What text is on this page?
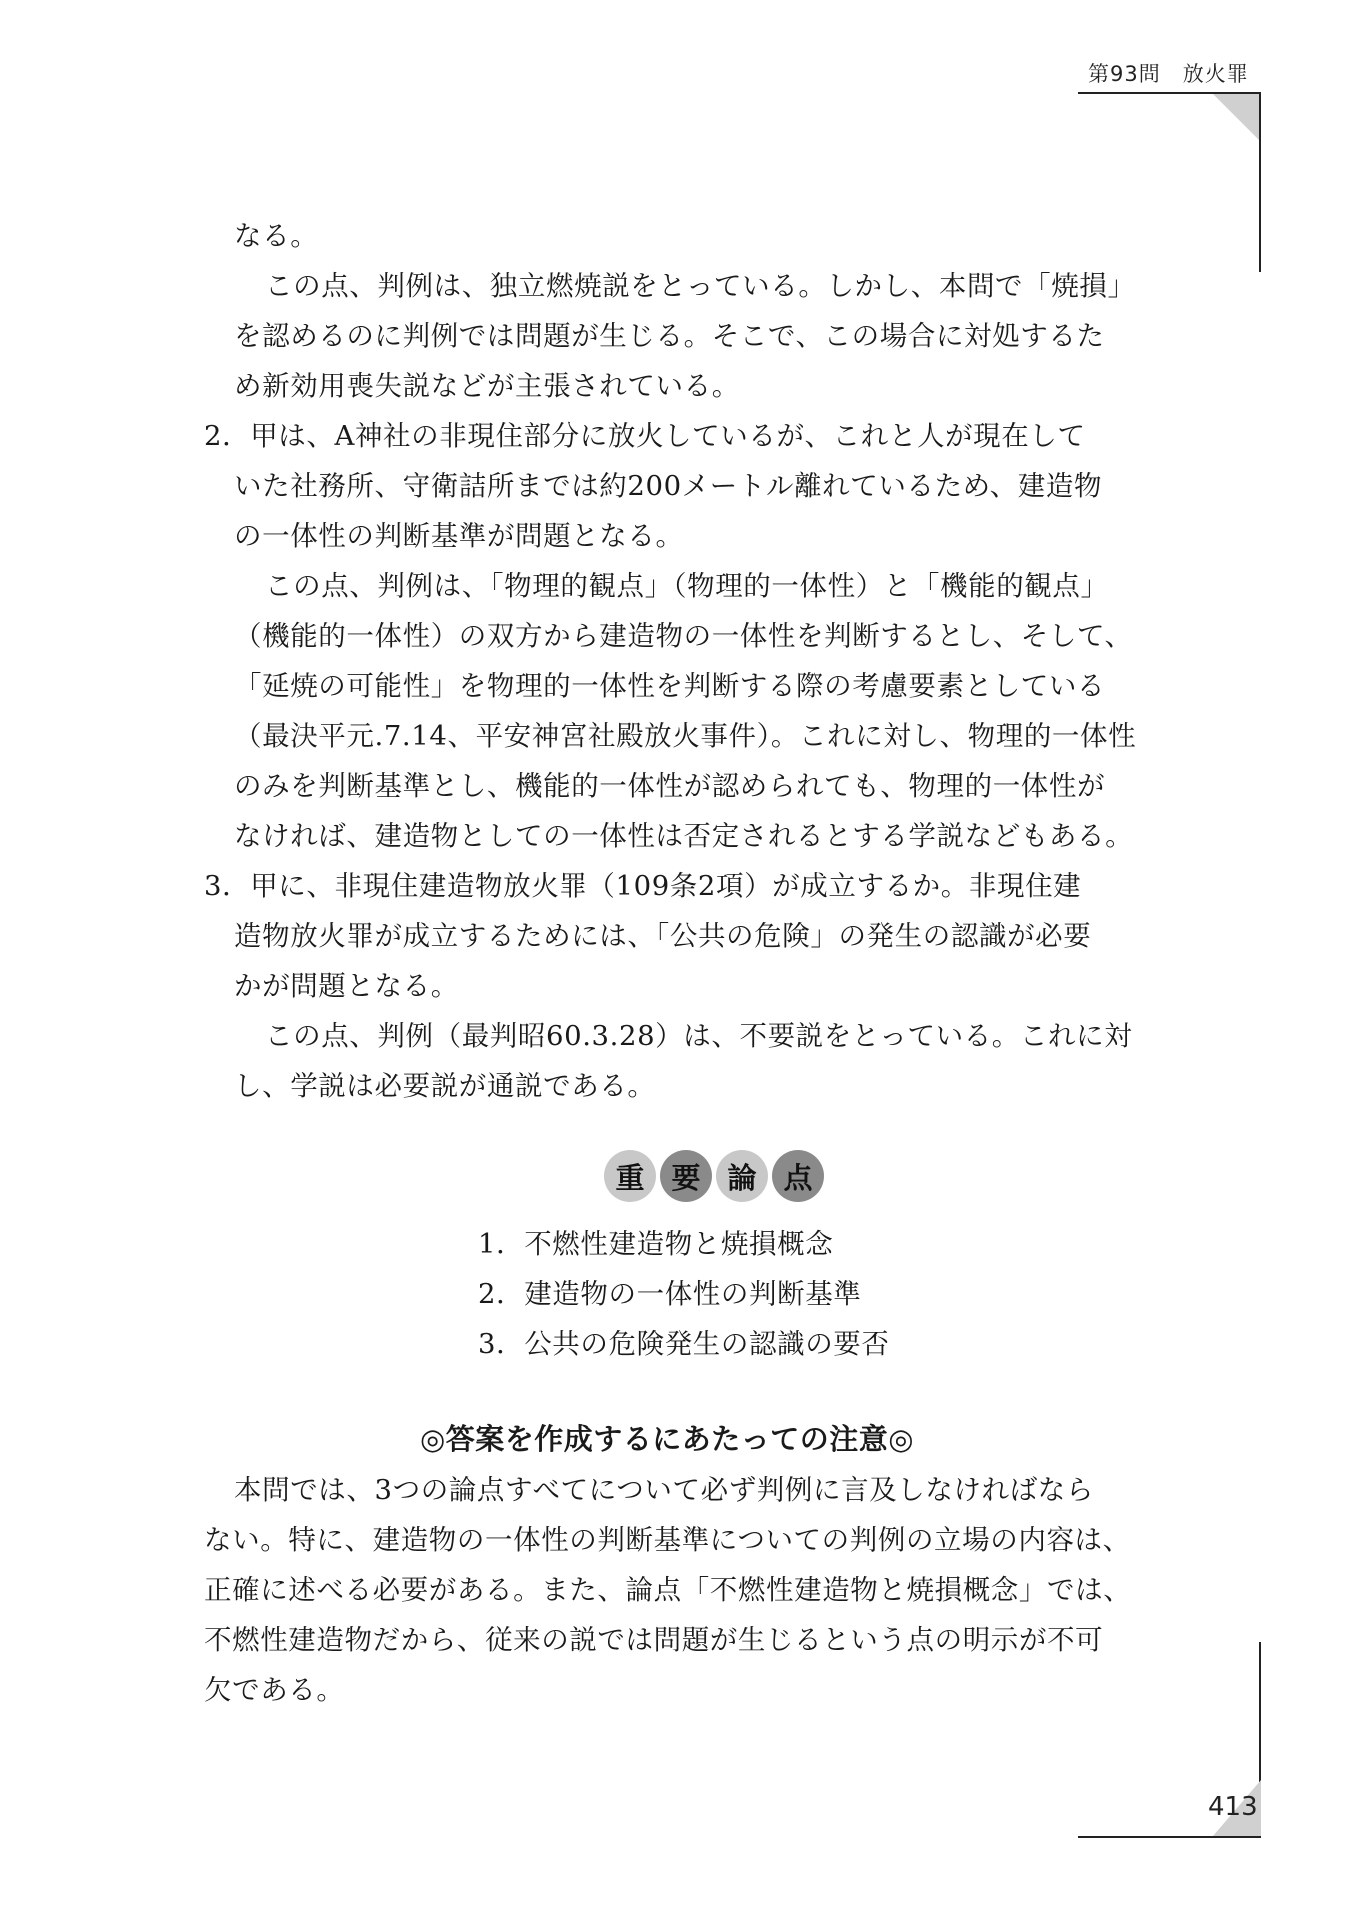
第93問　放火罪
413
なる。
この点、判例は、独立燃焼説をとっている。しかし、本問で「焼損」
を認めるのに判例では問題が生じる。そこで、この場合に対処するた
め新効用喪失説などが主張されている。
2．甲は、A神社の非現住部分に放火しているが、これと人が現在して
いた社務所、守衛詰所までは約200メートル離れているため、建造物
の一体性の判断基準が問題となる。
この点、判例は、「物理的観点」（物理的一体性）と「機能的観点」
（機能的一体性）の双方から建造物の一体性を判断するとし、そして、
「延焼の可能性」を物理的一体性を判断する際の考慮要素としている
（最決平元.7.14、平安神宮社殿放火事件）。これに対し、物理的一体性
のみを判断基準とし、機能的一体性が認められても、物理的一体性が
なければ、建造物としての一体性は否定されるとする学説などもある。
3．甲に、非現住建造物放火罪（109条2項）が成立するか。非現住建
造物放火罪が成立するためには、「公共の危険」の発生の認識が必要
かが問題となる。
この点、判例（最判昭60.3.28）は、不要説をとっている。これに対
し、学説は必要説が通説である。
重 要 論 点
1．不燃性建造物と焼損概念
2．建造物の一体性の判断基準
3．公共の危険発生の認識の要否
◎答案を作成するにあたっての注意◎
本問では、3つの論点すべてについて必ず判例に言及しなければなら
ない。特に、建造物の一体性の判断基準についての判例の立場の内容は、
正確に述べる必要がある。また、論点「不燃性建造物と焼損概念」では、
不燃性建造物だから、従来の説では問題が生じるという点の明示が不可
欠である。
